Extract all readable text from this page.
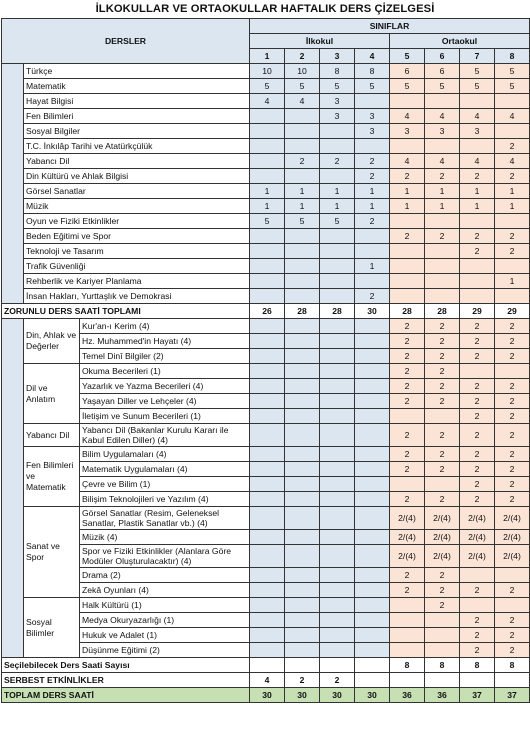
İLKOKULLAR VE ORTAOKULLAR HAFTALIK DERS ÇİZELGESİ
DERSLER			SINIFLAR							
			İlkokul				Ortaokul			
			1	2	3	4	5	6	7	8
	Türkçe		10	10	8	8	6	6	5	5
	Matematik		5	5	5	5	5	5	5	5
	Hayat Bilgisi		4	4	3					
	Fen Bilimleri				3	3	4	4	4	4
	Sosyal Bilgiler					3	3	3	3	
	T.C. İnkılâp Tarihi ve Atatürkçülük									2
	Yabancı Dil			2	2	2	4	4	4	4
	Din Kültürü ve Ahlak Bilgisi					2	2	2	2	2
	Görsel Sanatlar		1	1	1	1	1	1	1	1
	Müzik		1	1	1	1	1	1	1	1
	Oyun ve Fiziki Etkinlikler		5	5	5	2				
	Beden Eğitimi ve Spor						2	2	2	2
	Teknoloji ve Tasarım								2	2
	Trafik Güvenliği					1				
	Rehberlik ve Kariyer Planlama									1
	İnsan Hakları, Yurttaşlık ve Demokrasi					2				
ZORUNLU DERS SAATİ TOPLAMI			26	28	28	30	28	28	29	29
	Din, Ahlak ve Değerler	Kur'an-ı Kerim (4)					2	2	2	2
		Hz. Muhammed'in Hayatı (4)					2	2	2	2
		Temel Dinî Bilgiler (2)					2	2	2	2
	Dil ve Anlatım	Okuma Becerileri (1)					2	2		
		Yazarlık ve Yazma Becerileri (4)					2	2	2	2
		Yaşayan Diller ve Lehçeler (4)					2	2	2	2
		İletişim ve Sunum Becerileri (1)							2	2
	Yabancı Dil	Yabancı Dil (Bakanlar Kurulu Kararı ile Kabul Edilen Diller) (4)					2	2	2	2
	Fen Bilimleri ve Matematik	Bilim Uygulamaları (4)					2	2	2	2
		Matematik Uygulamaları (4)					2	2	2	2
		Çevre ve Bilim (1)							2	2
		Bilişim Teknolojileri ve Yazılım (4)					2	2	2	2
	Sanat ve Spor	Görsel Sanatlar (Resim, Geleneksel Sanatlar, Plastik Sanatlar vb.) (4)					2/(4)	2/(4)	2/(4)	2/(4)
		Müzik (4)					2/(4)	2/(4)	2/(4)	2/(4)
		Spor ve Fiziki Etkinlikler (Alanlara Göre Modüler Oluşturulacaktır) (4)					2/(4)	2/(4)	2/(4)	2/(4)
		Drama (2)					2	2		
		Zekâ Oyunları (4)					2	2	2	2
	Sosyal Bilimler	Halk Kültürü (1)						2		
		Medya Okuryazarlığı (1)							2	2
		Hukuk ve Adalet (1)							2	2
		Düşünme Eğitimi (2)							2	2
Seçilebilecek Ders Saati Sayısı							8	8	8	8
SERBEST ETKİNLİKLER			4	2	2					
TOPLAM DERS SAATİ			30	30	30	30	36	36	37	37
